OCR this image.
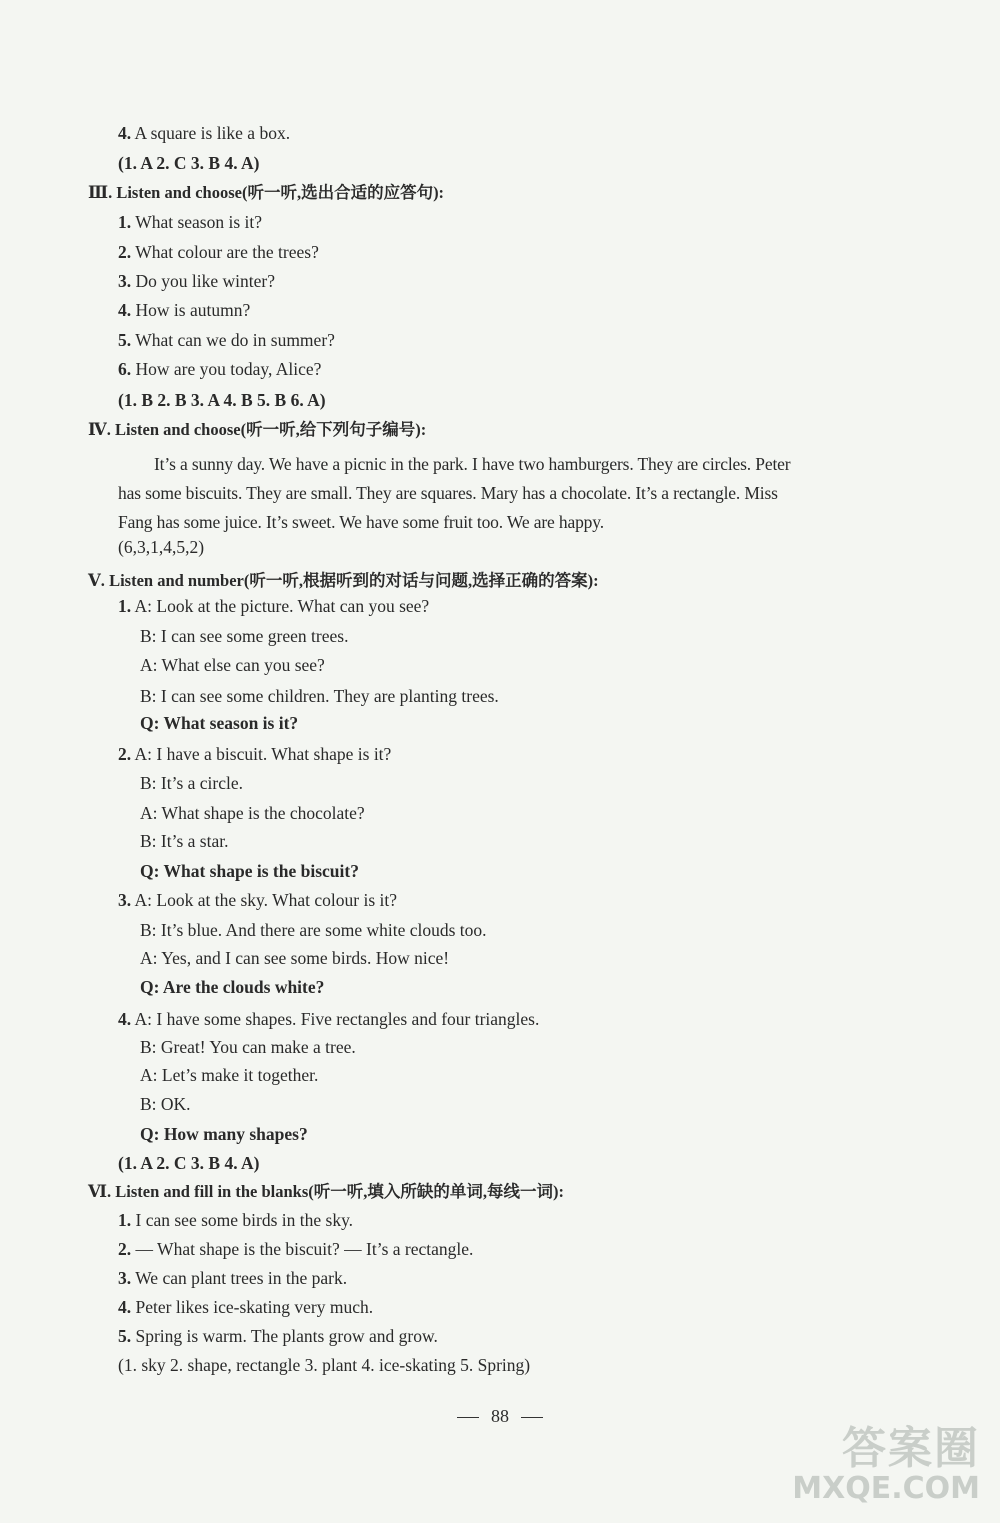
4. A square is like a box.
(1. A 2. C 3. B 4. A)
Ⅲ. Listen and choose(听一听,选出合适的应答句):
1. What season is it?
2. What colour are the trees?
3. Do you like winter?
4. How is autumn?
5. What can we do in summer?
6. How are you today, Alice?
(1. B 2. B 3. A 4. B 5. B 6. A)
Ⅳ. Listen and choose(听一听,给下列句子编号):
It’s a sunny day. We have a picnic in the park. I have two hamburgers. They are circles. Peter
has some biscuits. They are small. They are squares. Mary has a chocolate. It’s a rectangle. Miss
Fang has some juice. It’s sweet. We have some fruit too. We are happy.
(6,3,1,4,5,2)
Ⅴ. Listen and number(听一听,根据听到的对话与问题,选择正确的答案):
1. A: Look at the picture. What can you see?
B: I can see some green trees.
A: What else can you see?
B: I can see some children. They are planting trees.
Q: What season is it?
2. A: I have a biscuit. What shape is it?
B: It’s a circle.
A: What shape is the chocolate?
B: It’s a star.
Q: What shape is the biscuit?
3. A: Look at the sky. What colour is it?
B: It’s blue. And there are some white clouds too.
A: Yes, and I can see some birds. How nice!
Q: Are the clouds white?
4. A: I have some shapes. Five rectangles and four triangles.
B: Great! You can make a tree.
A: Let’s make it together.
B: OK.
Q: How many shapes?
(1. A 2. C 3. B 4. A)
Ⅵ. Listen and fill in the blanks(听一听,填入所缺的单词,每线一词):
1. I can see some birds in the sky.
2. — What shape is the biscuit? — It’s a rectangle.
3. We can plant trees in the park.
4. Peter likes ice-skating very much.
5. Spring is warm. The plants grow and grow.
(1. sky 2. shape, rectangle 3. plant 4. ice-skating 5. Spring)
88
答案圈
MXQE.COM
